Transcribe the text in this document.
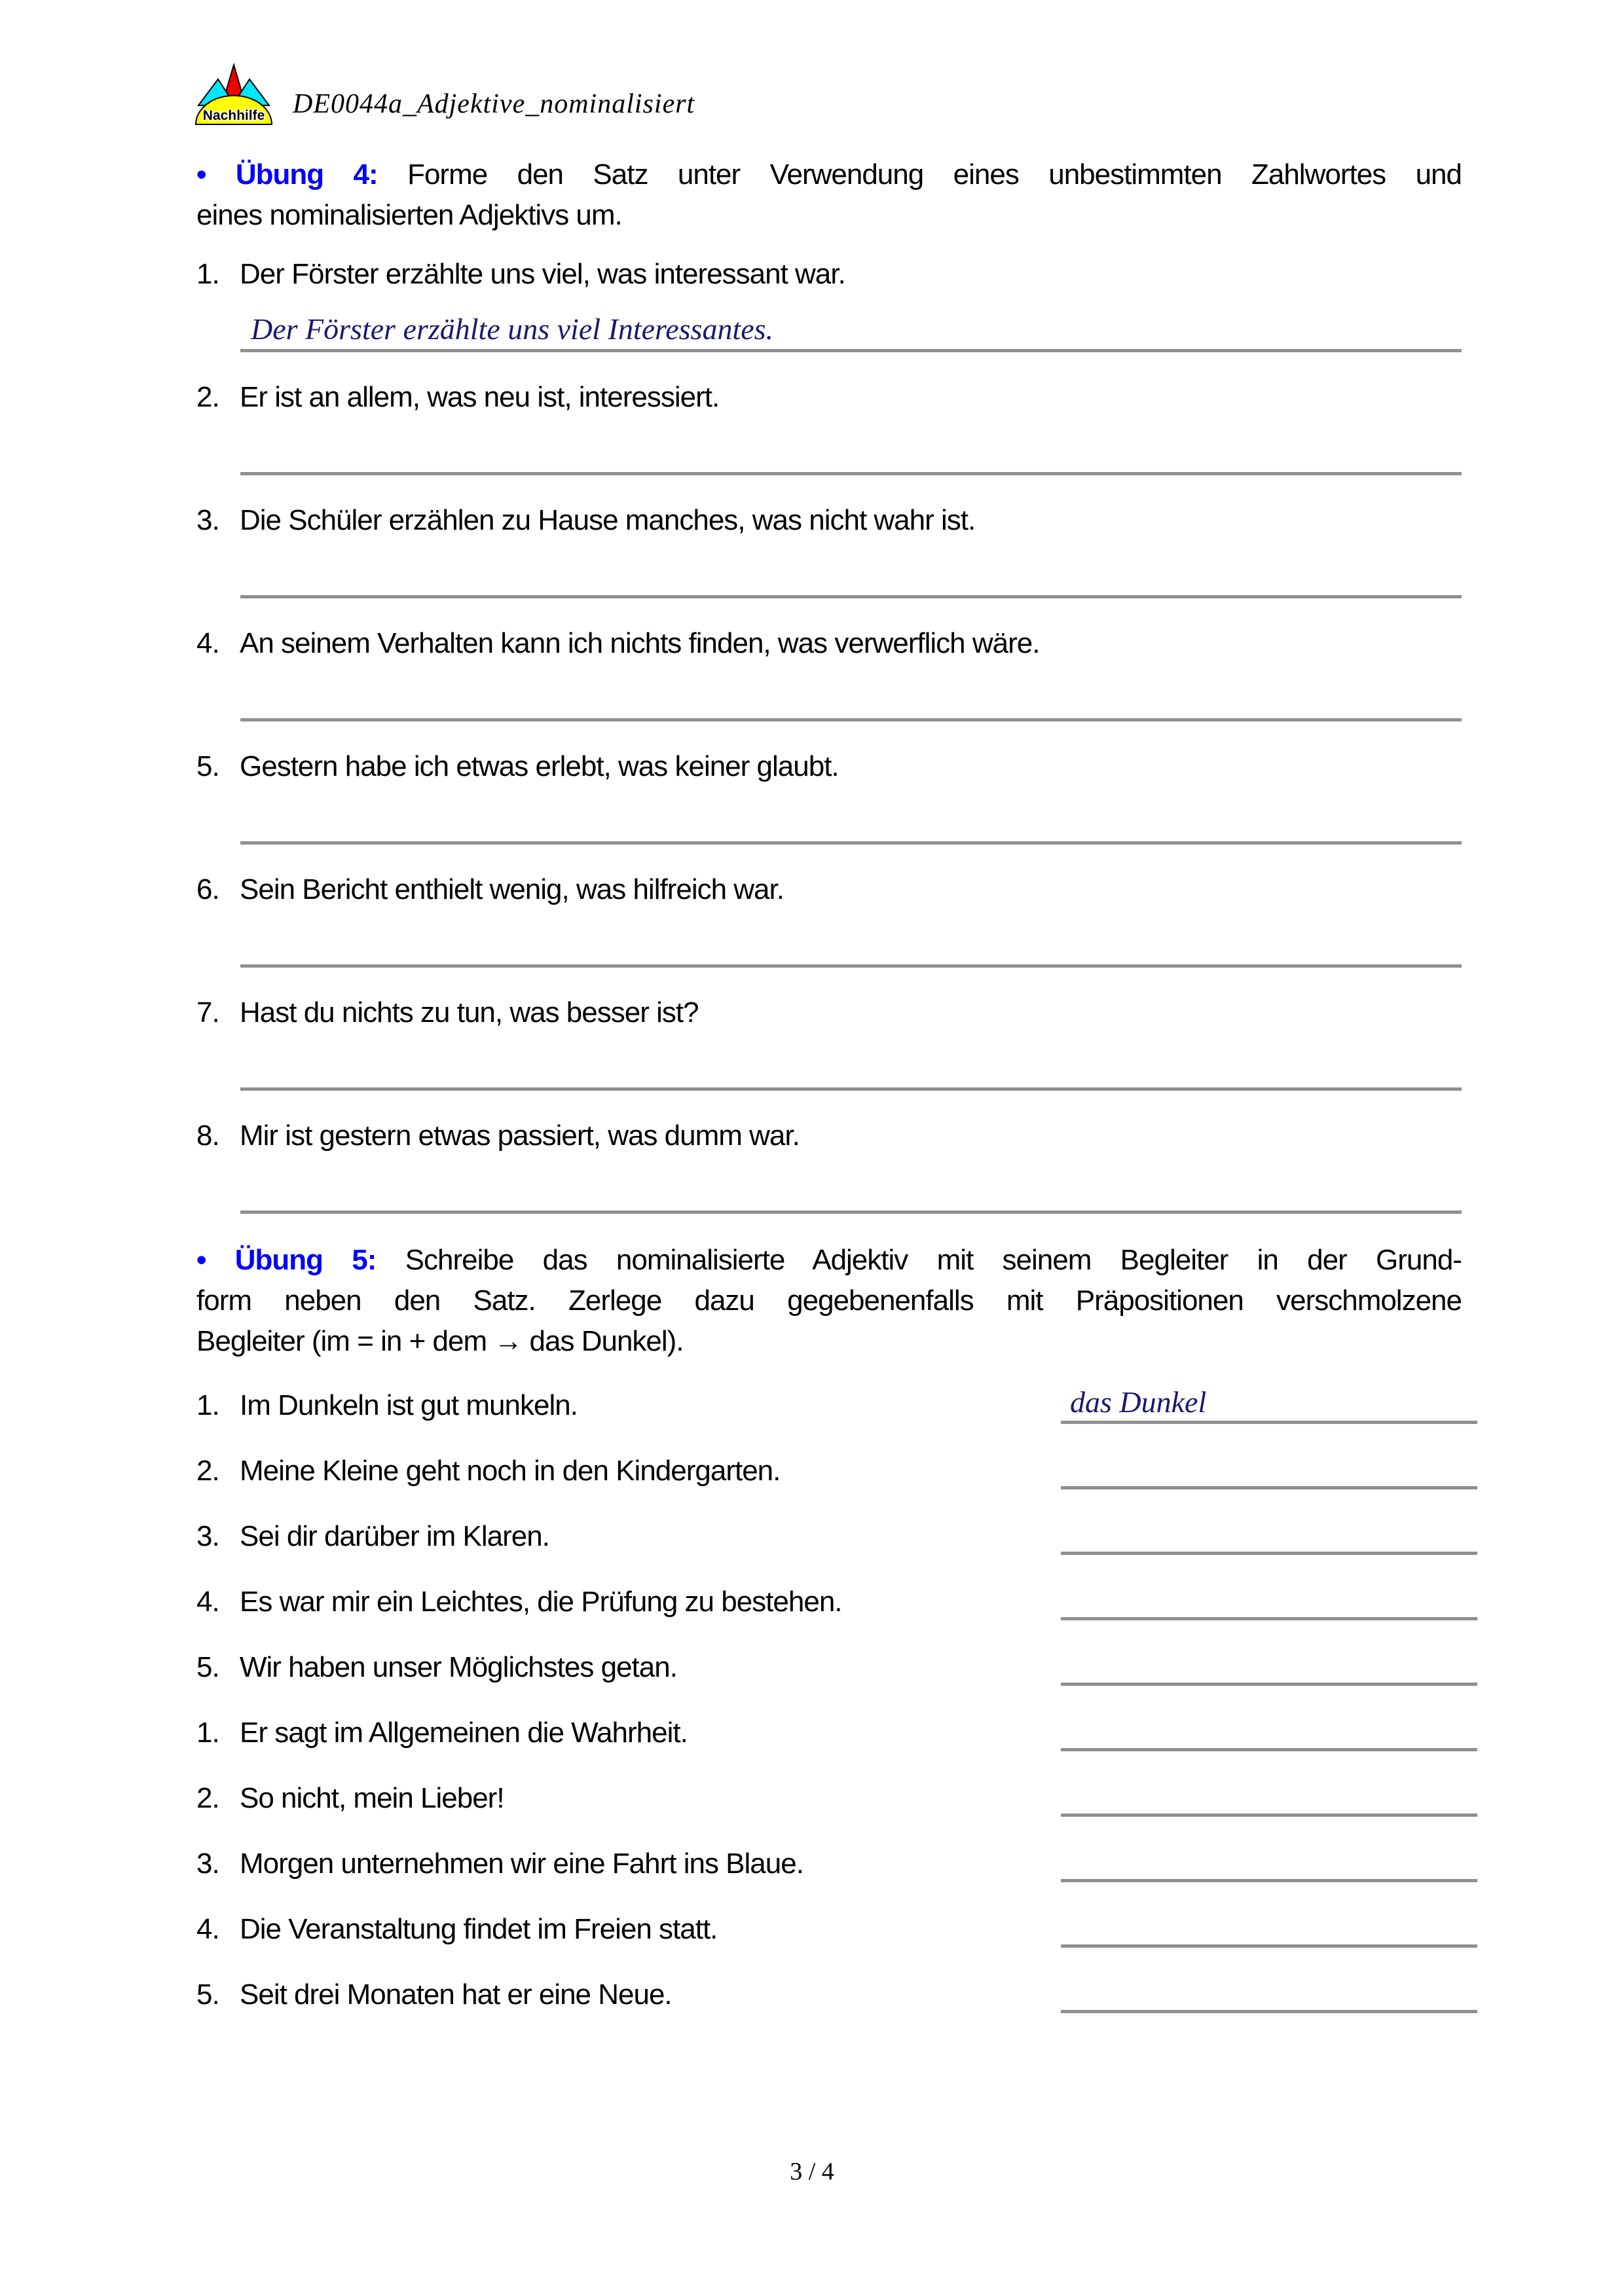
Nachhilfe DE0044a_Adjektive_nominalisiert
• Übung 4: Forme den Satz unter Verwendung eines unbestimmten Zahlwortes und
eines nominalisierten Adjektivs um.
1. Der Förster erzählte uns viel, was interessant war.
Der Förster erzählte uns viel Interessantes.
2. Er ist an allem, was neu ist, interessiert.
3. Die Schüler erzählen zu Hause manches, was nicht wahr ist.
4. An seinem Verhalten kann ich nichts finden, was verwerflich wäre.
5. Gestern habe ich etwas erlebt, was keiner glaubt.
6. Sein Bericht enthielt wenig, was hilfreich war.
7. Hast du nichts zu tun, was besser ist?
8. Mir ist gestern etwas passiert, was dumm war.
• Übung 5: Schreibe das nominalisierte Adjektiv mit seinem Begleiter in der Grund-
form neben den Satz. Zerlege dazu gegebenenfalls mit Präpositionen verschmolzene
Begleiter (im = in + dem → das Dunkel).
1. Im Dunkeln ist gut munkeln.	das Dunkel
2. Meine Kleine geht noch in den Kindergarten.
3. Sei dir darüber im Klaren.
4. Es war mir ein Leichtes, die Prüfung zu bestehen.
5. Wir haben unser Möglichstes getan.
1. Er sagt im Allgemeinen die Wahrheit.
2. So nicht, mein Lieber!
3. Morgen unternehmen wir eine Fahrt ins Blaue.
4. Die Veranstaltung findet im Freien statt.
5. Seit drei Monaten hat er eine Neue.
3 / 4
